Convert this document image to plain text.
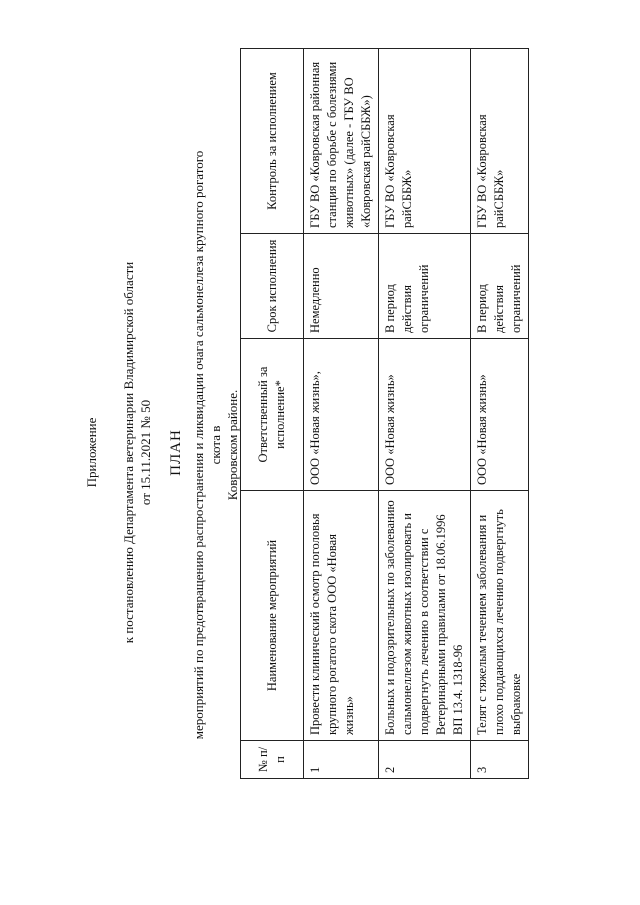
Приложение к постановлению Департамента ветеринарии Владимирской области от 15.11.2021 № 50 ПЛАН мероприятий по предотвращению распространения и ликвидации очага сальмонеллеза крупного рогатого скота в Ковровском районе.
№ п/п	Наименование мероприятий	Ответственный за исполнение*	Срок исполнения	Контроль за исполнением
1	Провести клинический осмотр поголовья крупного рогатого скота ООО «Новая жизнь»	ООО «Новая жизнь»,	Немедленно	ГБУ ВО «Ковровская районная станция по борьбе с болезнями животных» (далее - ГБУ ВО «Ковровская райСББЖ»)
2	Больных и подозрительных по заболеванию сальмонеллезом животных изолировать и подвергнуть лечению в соответствии с Ветеринарными правилами от 18.06.1996 ВП 13.4. 1318-96	ООО «Новая жизнь»	В период действия ограничений	ГБУ ВО «Ковровская райСББЖ»
3	Телят с тяжелым течением заболевания и плохо поддающихся лечению подвергнуть выбраковке	ООО «Новая жизнь»	В период действия ограничений	ГБУ ВО «Ковровская райСББЖ»
